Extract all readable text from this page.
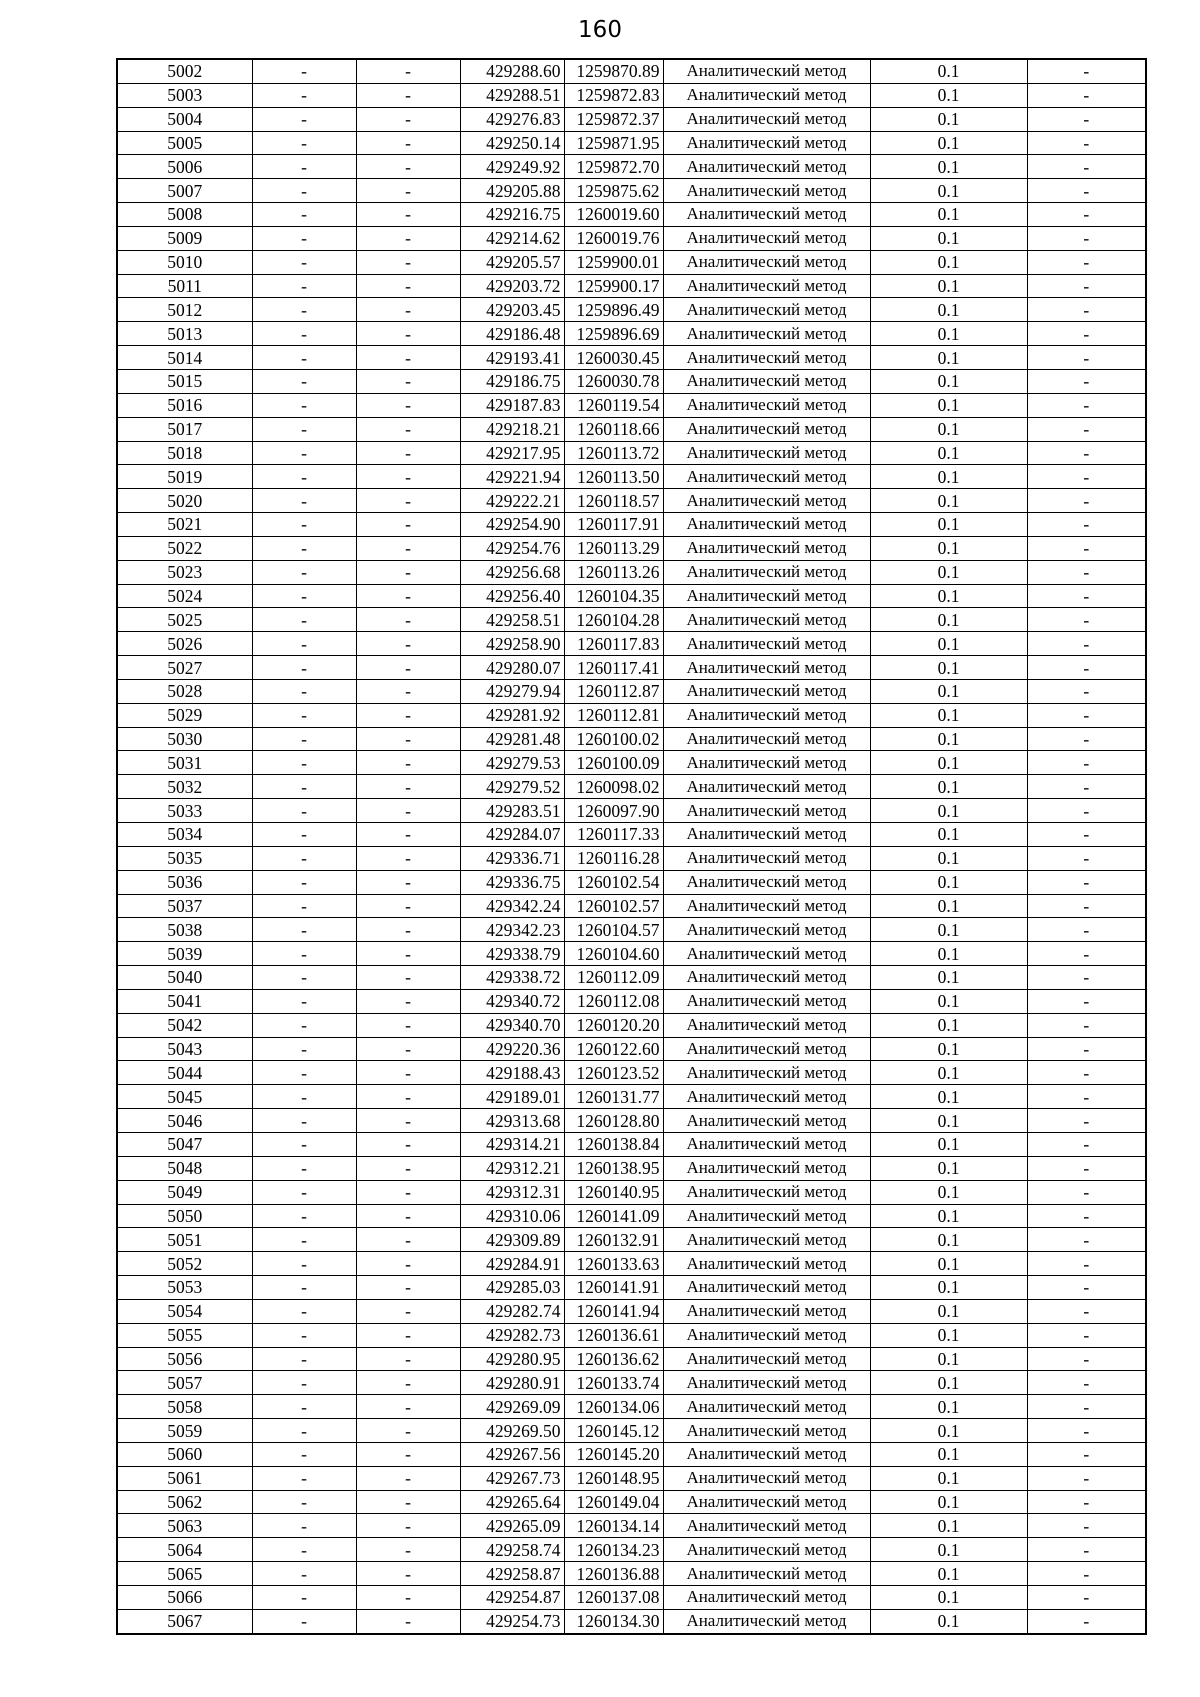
160
5002	-	-	429288.60	1259870.89	Аналитический метод	0.1	-
5003	-	-	429288.51	1259872.83	Аналитический метод	0.1	-
5004	-	-	429276.83	1259872.37	Аналитический метод	0.1	-
5005	-	-	429250.14	1259871.95	Аналитический метод	0.1	-
5006	-	-	429249.92	1259872.70	Аналитический метод	0.1	-
5007	-	-	429205.88	1259875.62	Аналитический метод	0.1	-
5008	-	-	429216.75	1260019.60	Аналитический метод	0.1	-
5009	-	-	429214.62	1260019.76	Аналитический метод	0.1	-
5010	-	-	429205.57	1259900.01	Аналитический метод	0.1	-
5011	-	-	429203.72	1259900.17	Аналитический метод	0.1	-
5012	-	-	429203.45	1259896.49	Аналитический метод	0.1	-
5013	-	-	429186.48	1259896.69	Аналитический метод	0.1	-
5014	-	-	429193.41	1260030.45	Аналитический метод	0.1	-
5015	-	-	429186.75	1260030.78	Аналитический метод	0.1	-
5016	-	-	429187.83	1260119.54	Аналитический метод	0.1	-
5017	-	-	429218.21	1260118.66	Аналитический метод	0.1	-
5018	-	-	429217.95	1260113.72	Аналитический метод	0.1	-
5019	-	-	429221.94	1260113.50	Аналитический метод	0.1	-
5020	-	-	429222.21	1260118.57	Аналитический метод	0.1	-
5021	-	-	429254.90	1260117.91	Аналитический метод	0.1	-
5022	-	-	429254.76	1260113.29	Аналитический метод	0.1	-
5023	-	-	429256.68	1260113.26	Аналитический метод	0.1	-
5024	-	-	429256.40	1260104.35	Аналитический метод	0.1	-
5025	-	-	429258.51	1260104.28	Аналитический метод	0.1	-
5026	-	-	429258.90	1260117.83	Аналитический метод	0.1	-
5027	-	-	429280.07	1260117.41	Аналитический метод	0.1	-
5028	-	-	429279.94	1260112.87	Аналитический метод	0.1	-
5029	-	-	429281.92	1260112.81	Аналитический метод	0.1	-
5030	-	-	429281.48	1260100.02	Аналитический метод	0.1	-
5031	-	-	429279.53	1260100.09	Аналитический метод	0.1	-
5032	-	-	429279.52	1260098.02	Аналитический метод	0.1	-
5033	-	-	429283.51	1260097.90	Аналитический метод	0.1	-
5034	-	-	429284.07	1260117.33	Аналитический метод	0.1	-
5035	-	-	429336.71	1260116.28	Аналитический метод	0.1	-
5036	-	-	429336.75	1260102.54	Аналитический метод	0.1	-
5037	-	-	429342.24	1260102.57	Аналитический метод	0.1	-
5038	-	-	429342.23	1260104.57	Аналитический метод	0.1	-
5039	-	-	429338.79	1260104.60	Аналитический метод	0.1	-
5040	-	-	429338.72	1260112.09	Аналитический метод	0.1	-
5041	-	-	429340.72	1260112.08	Аналитический метод	0.1	-
5042	-	-	429340.70	1260120.20	Аналитический метод	0.1	-
5043	-	-	429220.36	1260122.60	Аналитический метод	0.1	-
5044	-	-	429188.43	1260123.52	Аналитический метод	0.1	-
5045	-	-	429189.01	1260131.77	Аналитический метод	0.1	-
5046	-	-	429313.68	1260128.80	Аналитический метод	0.1	-
5047	-	-	429314.21	1260138.84	Аналитический метод	0.1	-
5048	-	-	429312.21	1260138.95	Аналитический метод	0.1	-
5049	-	-	429312.31	1260140.95	Аналитический метод	0.1	-
5050	-	-	429310.06	1260141.09	Аналитический метод	0.1	-
5051	-	-	429309.89	1260132.91	Аналитический метод	0.1	-
5052	-	-	429284.91	1260133.63	Аналитический метод	0.1	-
5053	-	-	429285.03	1260141.91	Аналитический метод	0.1	-
5054	-	-	429282.74	1260141.94	Аналитический метод	0.1	-
5055	-	-	429282.73	1260136.61	Аналитический метод	0.1	-
5056	-	-	429280.95	1260136.62	Аналитический метод	0.1	-
5057	-	-	429280.91	1260133.74	Аналитический метод	0.1	-
5058	-	-	429269.09	1260134.06	Аналитический метод	0.1	-
5059	-	-	429269.50	1260145.12	Аналитический метод	0.1	-
5060	-	-	429267.56	1260145.20	Аналитический метод	0.1	-
5061	-	-	429267.73	1260148.95	Аналитический метод	0.1	-
5062	-	-	429265.64	1260149.04	Аналитический метод	0.1	-
5063	-	-	429265.09	1260134.14	Аналитический метод	0.1	-
5064	-	-	429258.74	1260134.23	Аналитический метод	0.1	-
5065	-	-	429258.87	1260136.88	Аналитический метод	0.1	-
5066	-	-	429254.87	1260137.08	Аналитический метод	0.1	-
5067	-	-	429254.73	1260134.30	Аналитический метод	0.1	-
